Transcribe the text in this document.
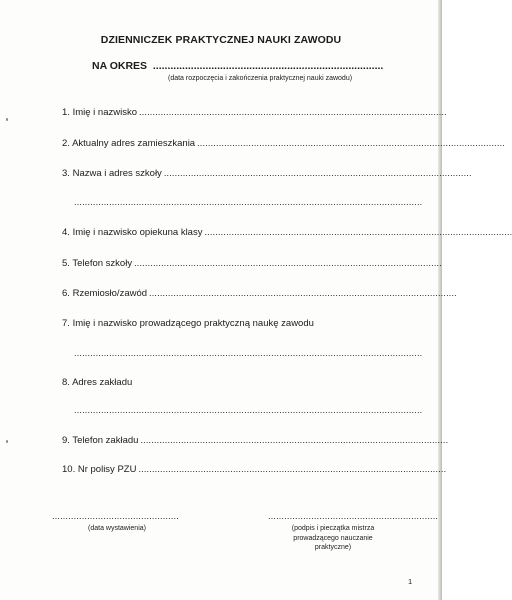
DZIENNICZEK PRAKTYCZNEJ NAUKI ZAWODU
NA OKRES  ...............................................................................
(data rozpoczęcia i zakończenia praktycznej nauki zawodu)
1. Imię i nazwisko ..................................................................................................................
2. Aktualny adres zamieszkania ..................................................................................................................
3. Nazwa i adres szkoły ..................................................................................................................
.................................................................................................................................
4. Imię i nazwisko opiekuna klasy ..................................................................................................................
5. Telefon szkoły ..................................................................................................................
6. Rzemiosło/zawód ..................................................................................................................
7. Imię i nazwisko prowadzącego praktyczną naukę zawodu
.................................................................................................................................
8. Adres zakładu
.................................................................................................................................
9. Telefon zakładu ..................................................................................................................
10. Nr polisy PZU ..................................................................................................................
...............................................
(data wystawienia)
...............................................................
(podpis i pieczątka mistrza
prowadzącego nauczanie
praktyczne)
1
